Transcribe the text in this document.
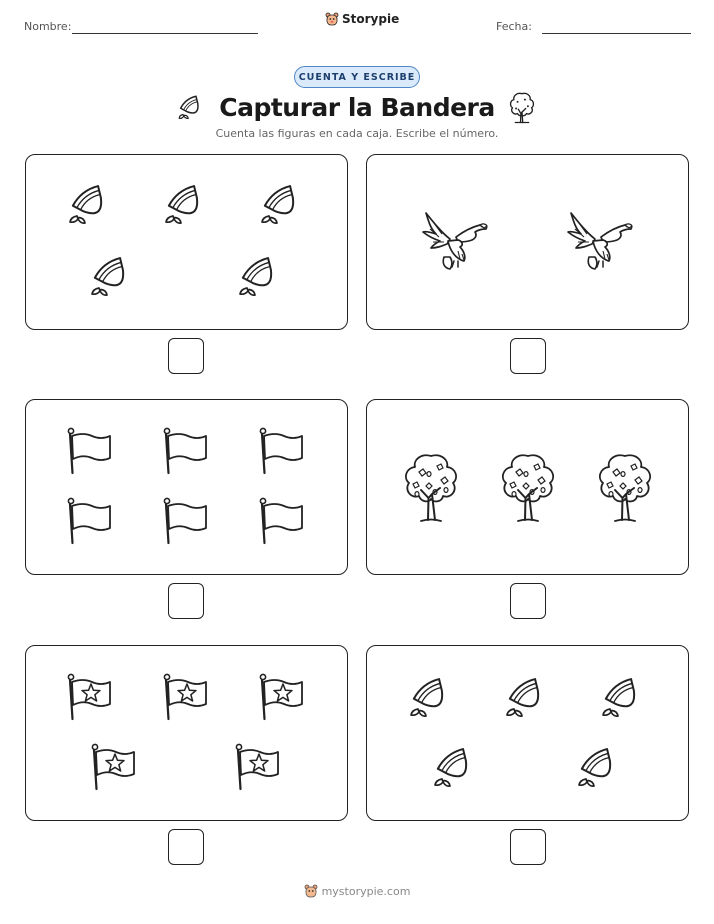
Nombre:
Storypie
Fecha:
CUENTA Y ESCRIBE
Capturar la Bandera
Cuenta las figuras en cada caja. Escribe el número.
mystorypie.com
